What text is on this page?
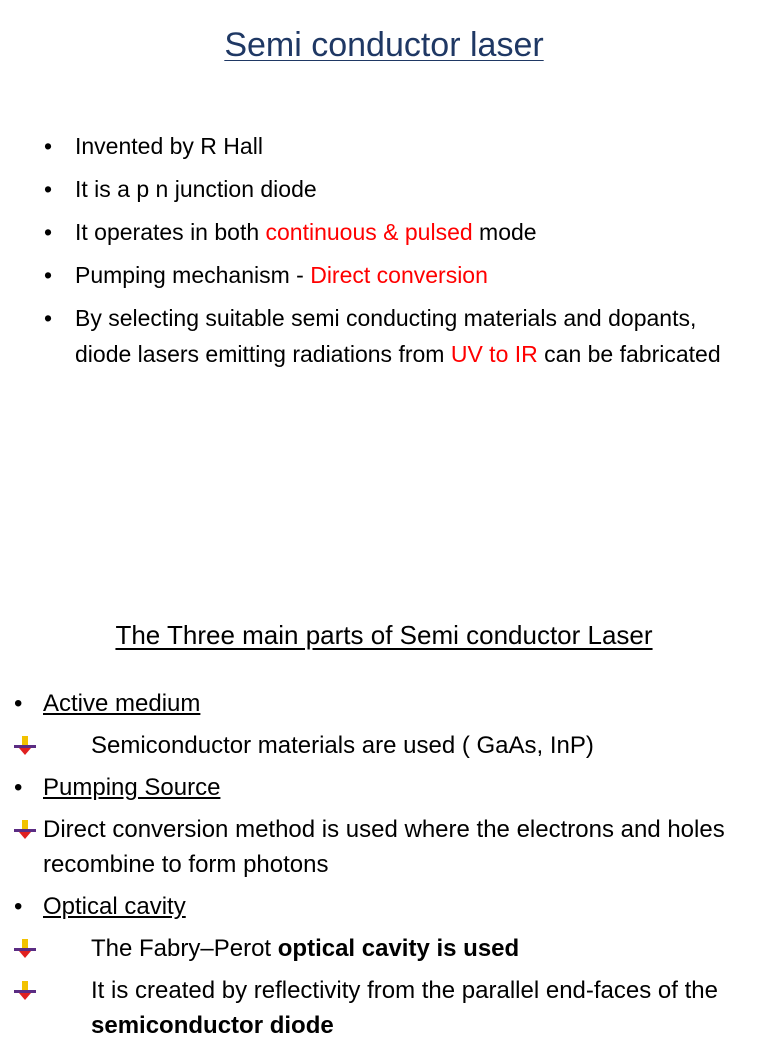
Semi conductor laser
• Invented by R Hall
• It is a p n junction diode
• It operates in both continuous & pulsed mode
• Pumping mechanism - Direct conversion
• By selecting suitable semi conducting materials and dopants, diode lasers emitting radiations from UV to IR can be fabricated
The Three main parts of Semi conductor Laser
• Active medium
Semiconductor materials are used ( GaAs, InP)
• Pumping Source
Direct conversion method is used where the electrons and holes recombine to form photons
• Optical cavity
The Fabry–Perot optical cavity is used
It is created by reflectivity from the parallel end-faces of the semiconductor diode
